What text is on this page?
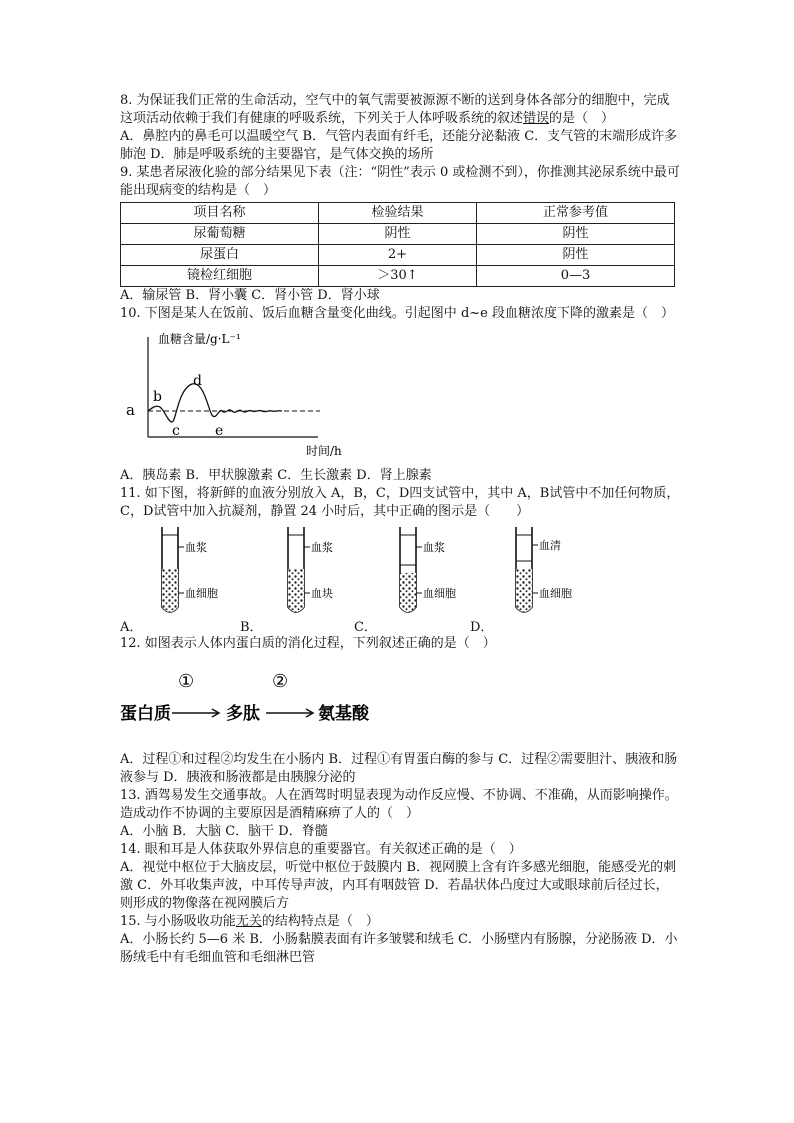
8. 为保证我们正常的生命活动，空气中的氧气需要被源源不断的送到身体各部分的细胞中，完成这项活动依赖于我们有健康的呼吸系统，下列关于人体呼吸系统的叙述错误的是（　）

A．鼻腔内的鼻毛可以温暖空气 B．气管内表面有纤毛，还能分泌黏液 C．支气管的末端形成许多肺泡 D．肺是呼吸系统的主要器官，是气体交换的场所

9. 某患者尿液化验的部分结果见下表（注：“阴性”表示 0 或检测不到），你推测其泌尿系统中最可能出现病变的结构是（　）

项目名称	检验结果	正常参考值
尿葡萄糖	阴性	阴性
尿蛋白	2+	阴性
镜检红细胞	＞30↑	0—3

A．输尿管 B．肾小囊 C．肾小管 D．肾小球

10. 下图是某人在饭前、饭后血糖含量变化曲线。引起图中 d~e 段血糖浓度下降的激素是（　）

血糖含量/g·L⁻¹
时间/h
a
b
c
d
e

A．胰岛素 B．甲状腺激素 C．生长激素 D．肾上腺素

11. 如下图，将新鲜的血液分别放入 A，B，C，D四支试管中，其中 A，B试管中不加任何物质，C，D试管中加入抗凝剂，静置 24 小时后，其中正确的图示是（　　）

血浆
血细胞
血浆
血块
血浆
血细胞
血清
血细胞
A．	B．	C．	D．

12. 如图表示人体内蛋白质的消化过程，下列叙述正确的是（　）

①	②
蛋白质	多肽	氨基酸

A．过程①和过程②均发生在小肠内 B．过程①有胃蛋白酶的参与 C．过程②需要胆汁、胰液和肠液参与 D．胰液和肠液都是由胰腺分泌的

13. 酒驾易发生交通事故。人在酒驾时明显表现为动作反应慢、不协调、不准确，从而影响操作。造成动作不协调的主要原因是酒精麻痹了人的（　）

A．小脑 B．大脑 C．脑干 D．脊髓

14. 眼和耳是人体获取外界信息的重要器官。有关叙述正确的是（　）

A．视觉中枢位于大脑皮层，听觉中枢位于鼓膜内 B．视网膜上含有许多感光细胞，能感受光的刺激 C．外耳收集声波，中耳传导声波，内耳有咽鼓管 D．若晶状体凸度过大或眼球前后径过长，则形成的物像落在视网膜后方

15. 与小肠吸收功能无关的结构特点是（　）

A．小肠长约 5—6 米 B．小肠黏膜表面有许多皱襞和绒毛 C．小肠壁内有肠腺，分泌肠液 D．小肠绒毛中有毛细血管和毛细淋巴管
